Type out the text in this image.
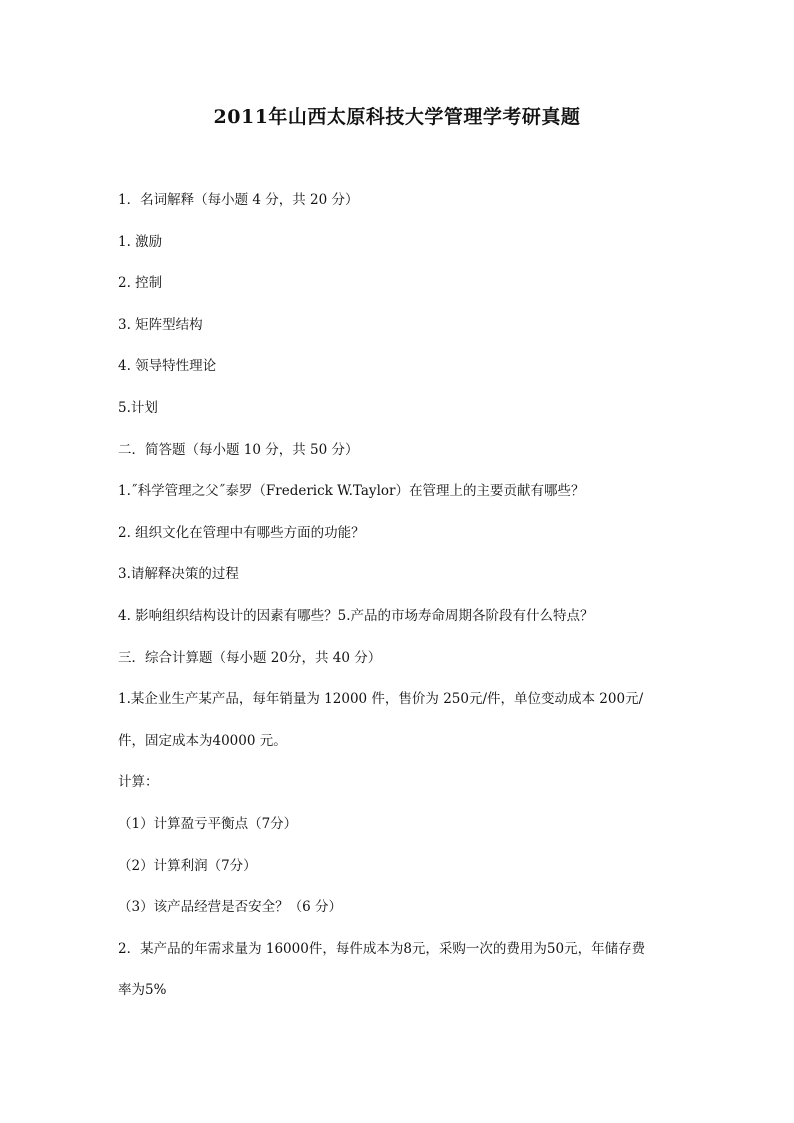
2011年山西太原科技大学管理学考研真题
1．名词解释（每小题 4 分，共 20 分）
1. 激励
2. 控制
3. 矩阵型结构
4. 领导特性理论
5.计划
二．简答题（每小题 10 分，共 50 分）
1.˝科学管理之父˝泰罗（Frederick W.Taylor）在管理上的主要贡献有哪些？
2. 组织文化在管理中有哪些方面的功能？
3.请解释决策的过程
4. 影响组织结构设计的因素有哪些？5.产品的市场寿命周期各阶段有什么特点？
三．综合计算题（每小题 20分，共 40 分）
1.某企业生产某产品，每年销量为 12000 件，售价为 250元/件，单位变动成本 200元/
件，固定成本为40000 元。
计算：
（1）计算盈亏平衡点（7分）
（2）计算利润（7分）
（3）该产品经营是否安全？（6 分）
2．某产品的年需求量为 16000件，每件成本为8元，采购一次的费用为50元，年储存费
率为5%
